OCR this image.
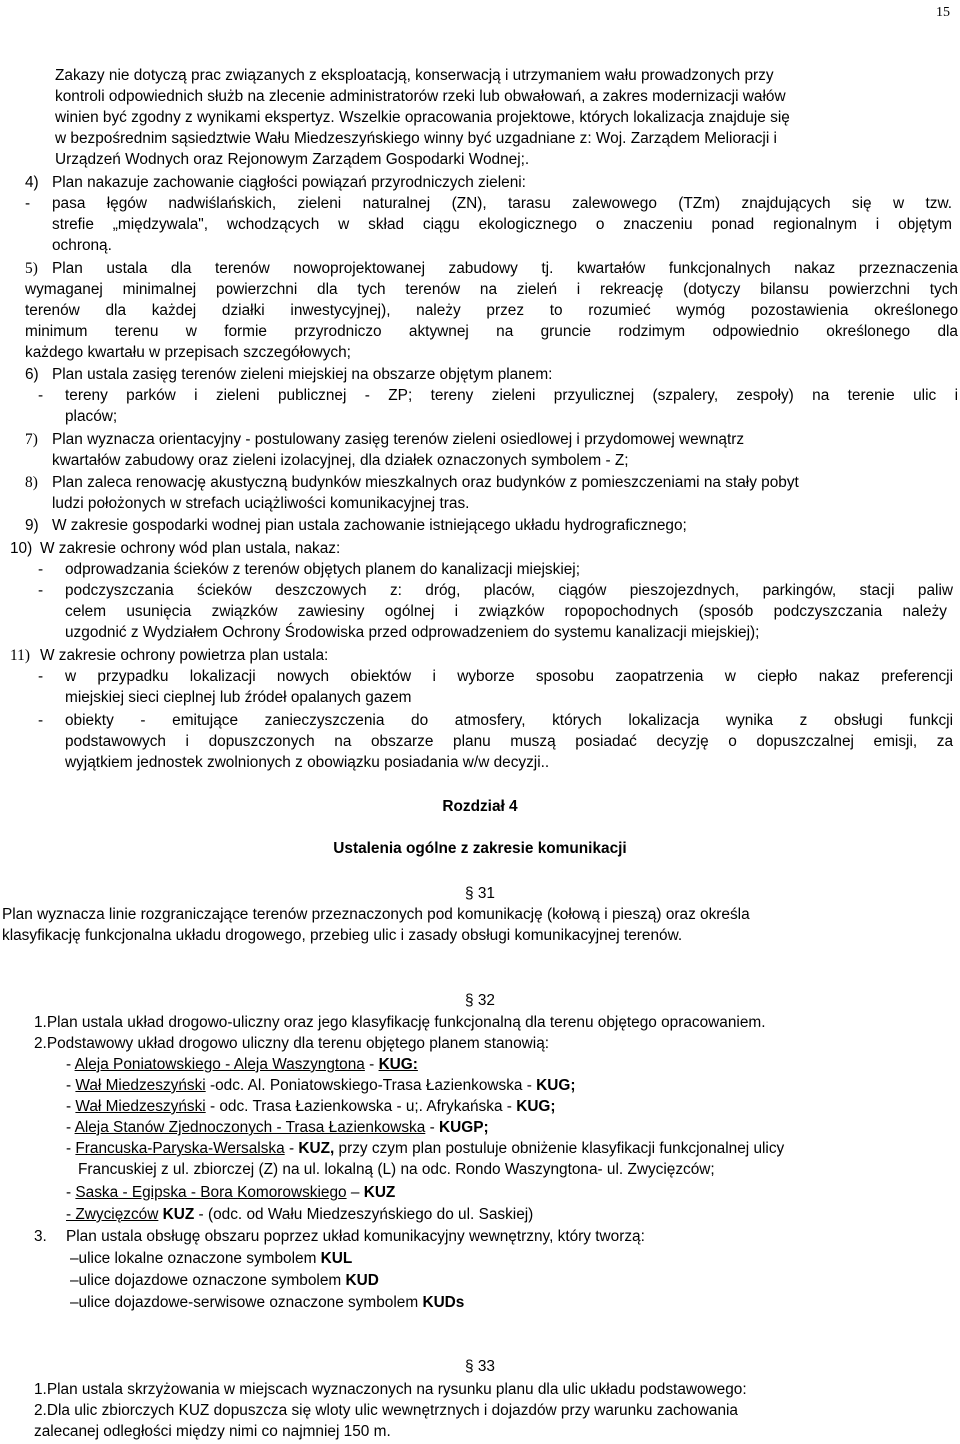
15
Zakazy nie dotyczą prac związanych z eksploatacją, konserwacją i utrzymaniem wału prowadzonych przy
kontroli odpowiednich służb na zlecenie administratorów rzeki lub obwałowań, a zakres modernizacji wałów
winien być zgodny z wynikami ekspertyz. Wszelkie opracowania projektowe, których lokalizacja znajduje się
w bezpośrednim sąsiedztwie Wału Miedzeszyńskiego winny być uzgadniane z: Woj. Zarządem Melioracji i
Urządzeń Wodnych oraz Rejonowym Zarządem Gospodarki Wodnej;.
4) Plan nakazuje zachowanie ciągłości powiązań przyrodniczych zieleni:
- pasa łęgów nadwiślańskich, zieleni naturalnej (ZN), tarasu zalewowego (TZm) znajdujących się w tzw.
strefie „międzywala", wchodzących w skład ciągu ekologicznego o znaczeniu ponad regionalnym i objętym
ochroną.
5) Plan ustala dla terenów nowoprojektowanej zabudowy tj. kwartałów funkcjonalnych nakaz przeznaczenia
wymaganej minimalnej powierzchni dla tych terenów na zieleń i rekreację (dotyczy bilansu powierzchni tych
terenów dla każdej działki inwestycyjnej), należy przez to rozumieć wymóg pozostawienia określonego
minimum terenu w formie przyrodniczo aktywnej na gruncie rodzimym odpowiednio określonego dla
każdego kwartału w przepisach szczegółowych;
6) Plan ustala zasięg terenów zieleni miejskiej na obszarze objętym planem:
- tereny parków i zieleni publicznej - ZP; tereny zieleni przyulicznej (szpalery, zespoły) na terenie ulic i
placów;
7) Plan wyznacza orientacyjny - postulowany zasięg terenów zieleni osiedlowej i przydomowej wewnątrz
kwartałów zabudowy oraz zieleni izolacyjnej, dla działek oznaczonych symbolem - Z;
8) Plan zaleca renowację akustyczną budynków mieszkalnych oraz budynków z pomieszczeniami na stały pobyt
ludzi położonych w strefach uciążliwości komunikacyjnej tras.
9) W zakresie gospodarki wodnej pian ustala zachowanie istniejącego układu hydrograficznego;
10) W zakresie ochrony wód plan ustala, nakaz:
- odprowadzania ścieków z terenów objętych planem do kanalizacji miejskiej;
- podczyszczania ścieków deszczowych z: dróg, placów, ciągów pieszojezdnych, parkingów, stacji paliw
celem usunięcia związków zawiesiny ogólnej i związków ropopochodnych (sposób podczyszczania należy
uzgodnić z Wydziałem Ochrony Środowiska przed odprowadzeniem do systemu kanalizacji miejskiej);
11) W zakresie ochrony powietrza plan ustala:
- w przypadku lokalizacji nowych obiektów i wyborze sposobu zaopatrzenia w ciepło nakaz preferencji
miejskiej sieci cieplnej lub źródeł opalanych gazem
- obiekty - emitujące zanieczyszczenia do atmosfery, których lokalizacja wynika z obsługi funkcji
podstawowych i dopuszczonych na obszarze planu muszą posiadać decyzję o dopuszczalnej emisji, za
wyjątkiem jednostek zwolnionych z obowiązku posiadania w/w decyzji..
Rozdział 4
Ustalenia ogólne z zakresie komunikacji
§ 31
Plan wyznacza linie rozgraniczające terenów przeznaczonych pod komunikację (kołową i pieszą) oraz określa
klasyfikację funkcjonalna układu drogowego, przebieg ulic i zasady obsługi komunikacyjnej terenów.
§ 32
1.Plan ustala układ drogowo-uliczny oraz jego klasyfikację funkcjonalną dla terenu objętego opracowaniem.
2.Podstawowy układ drogowo uliczny dla terenu objętego planem stanowią:
- Aleja Poniatowskiego - Aleja Waszyngtona - KUG:
- Wał Miedzeszyński -odc. Al. Poniatowskiego-Trasa Łazienkowska - KUG;
- Wał Miedzeszyński - odc. Trasa Łazienkowska - u;. Afrykańska - KUG;
- Aleja Stanów Zjednoczonych - Trasa Łazienkowska - KUGP;
- Francuska-Paryska-Wersalska - KUZ, przy czym plan postuluje obniżenie klasyfikacji funkcjonalnej ulicy
Francuskiej z ul. zbiorczej (Z) na ul. lokalną (L) na odc. Rondo Waszyngtona- ul. Zwycięzców;
- Saska - Egipska - Bora Komorowskiego – KUZ
- Zwycięzców KUZ - (odc. od Wału Miedzeszyńskiego do ul. Saskiej)
3. Plan ustala obsługę obszaru poprzez układ komunikacyjny wewnętrzny, który tworzą:
–ulice lokalne oznaczone symbolem KUL
–ulice dojazdowe oznaczone symbolem KUD
–ulice dojazdowe-serwisowe oznaczone symbolem KUDs
§ 33
1.Plan ustala skrzyżowania w miejscach wyznaczonych na rysunku planu dla ulic układu podstawowego:
2.Dla ulic zbiorczych KUZ dopuszcza się wloty ulic wewnętrznych i dojazdów przy warunku zachowania
zalecanej odległości między nimi co najmniej 150 m.
